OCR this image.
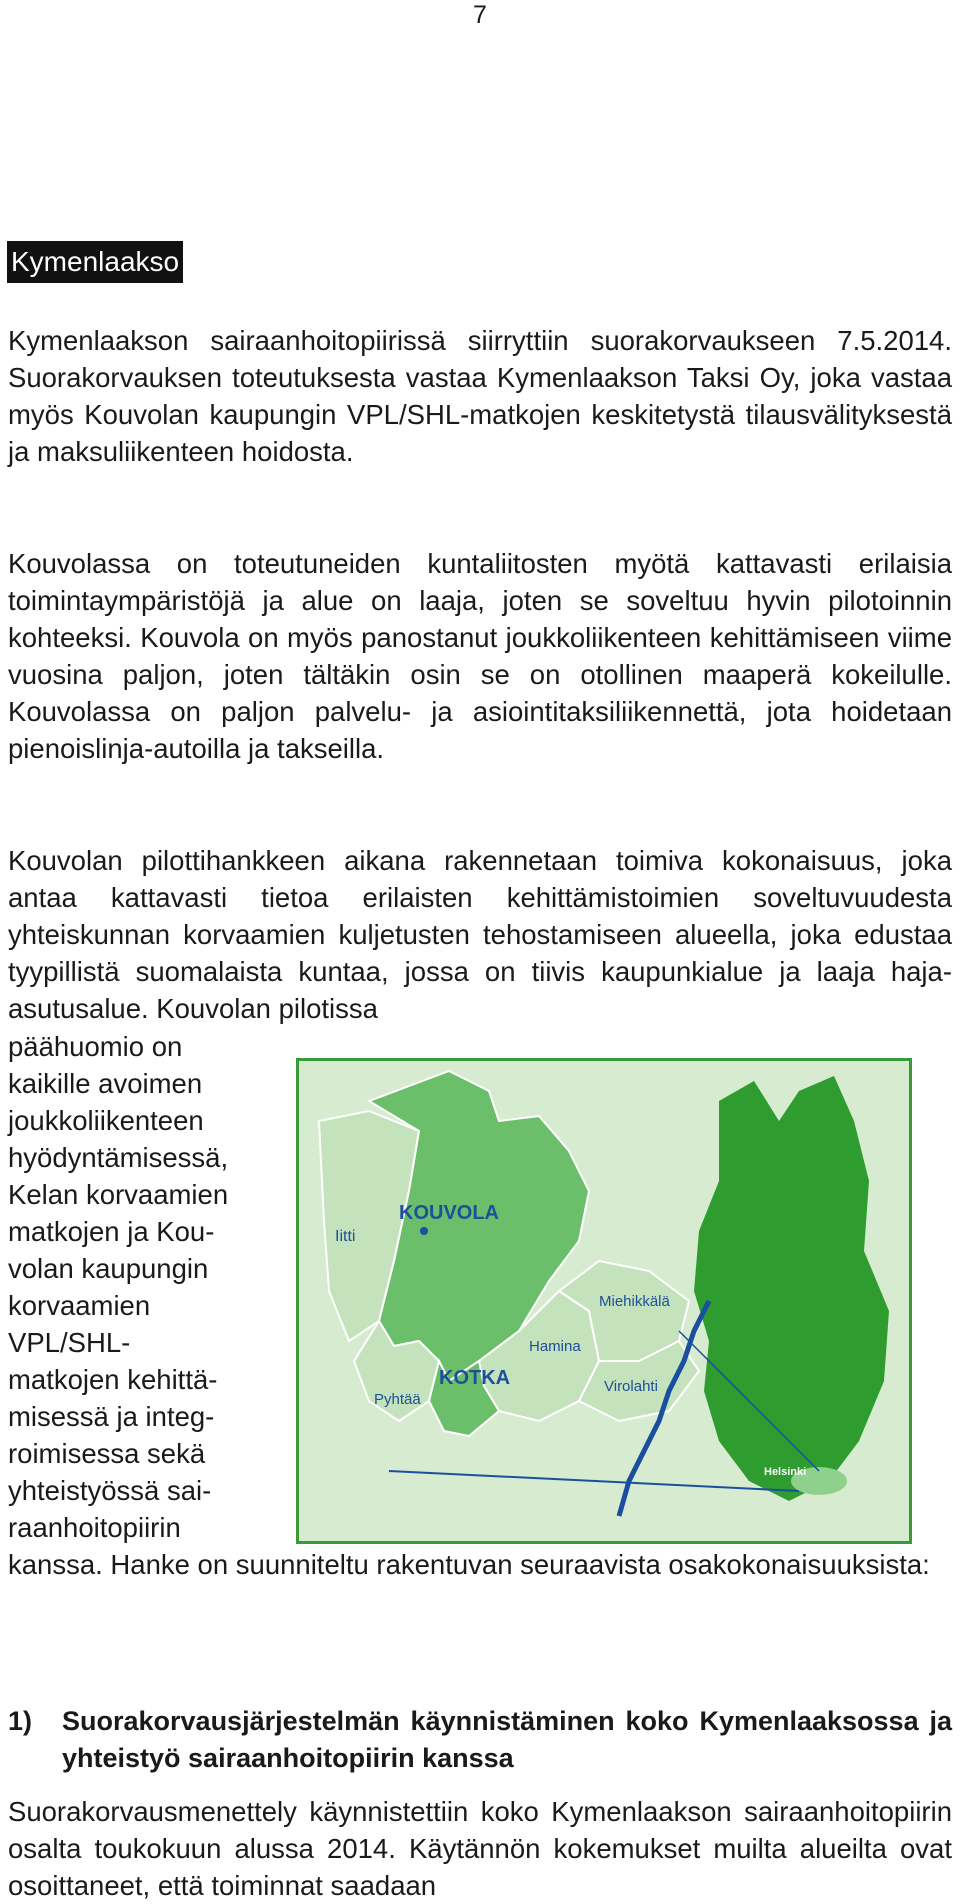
7
Kymenlaakso

Kymenlaakson sairaanhoitopiirissä siirryttiin suorakorvaukseen 7.5.2014. Suorakorvauksen toteutuksesta vastaa Kymenlaakson Taksi Oy, joka vastaa myös Kouvolan kaupungin VPL/SHL-matkojen keskitetystä tilausvälityksestä ja maksuliikenteen hoidosta.

Kouvolassa on toteutuneiden kuntaliitosten myötä kattavasti erilaisia toimintaympäristöjä ja alue on laaja, joten se soveltuu hyvin pilotoinnin kohteeksi. Kouvola on myös panostanut joukkoliikenteen kehittämiseen viime vuosina paljon, joten tältäkin osin se on otollinen maaperä kokeilulle. Kouvolassa on paljon palvelu- ja asiointitaksiliikennettä, jota hoidetaan pienoislinja-autoilla ja takseilla.

Kouvolan pilottihankkeen aikana rakennetaan toimiva kokonaisuus, joka antaa kattavasti tietoa erilaisten kehittämistoimien soveltuvuudesta yhteiskunnan korvaamien kuljetusten tehostamiseen alueella, joka edustaa tyypillistä suomalaista kuntaa, jossa on tiivis kaupunkialue ja laaja haja-asutusalue. Kouvolan pilotissa

päähuomio on
kaikille avoimen
joukkoliikenteen
hyödyntämisessä,
Kelan korvaamien
matkojen ja Kou-
volan kaupungin
korvaamien
VPL/SHL-
matkojen kehittä-
misessä ja integ-
roimisessa sekä
yhteistyössä sai-
raanhoitopiirin
kanssa. Hanke on suunniteltu rakentuvan seuraavista osakokonaisuuksista:
KOUVOLA
Iitti
Hamina
Miehikkälä
KOTKA	Virolahti
Pyhtää
Helsinki
1) Suorakorvausjärjestelmän käynnistäminen koko Kymenlaaksossa ja yhteistyö sairaanhoitopiirin kanssa

Suorakorvausmenettely käynnistettiin koko Kymenlaakson sairaanhoitopiirin osalta toukokuun alussa 2014. Käytännön kokemukset muilta alueilta ovat osoittaneet, että toiminnat saadaan
